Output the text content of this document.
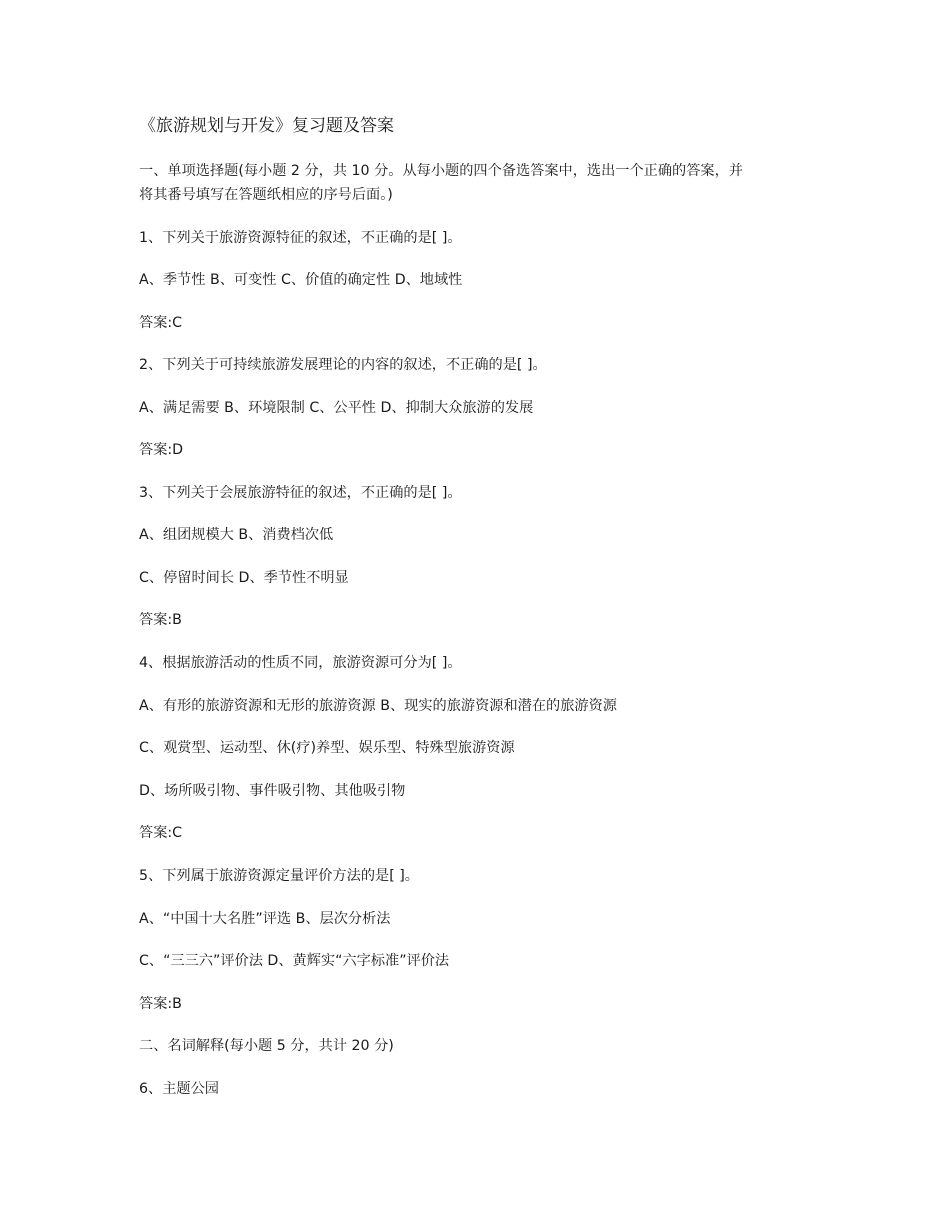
《旅游规划与开发》复习题及答案
一、单项选择题(每小题 2 分，共 10 分。从每小题的四个备选答案中，选出一个正确的答案，并
将其番号填写在答题纸相应的序号后面。)
1、下列关于旅游资源特征的叙述，不正确的是[ ]。
A、季节性 B、可变性 C、价值的确定性 D、地域性
答案:C
2、下列关于可持续旅游发展理论的内容的叙述，不正确的是[ ]。
A、满足需要 B、环境限制 C、公平性 D、抑制大众旅游的发展
答案:D
3、下列关于会展旅游特征的叙述，不正确的是[ ]。
A、组团规模大 B、消费档次低
C、停留时间长 D、季节性不明显
答案:B
4、根据旅游活动的性质不同，旅游资源可分为[ ]。
A、有形的旅游资源和无形的旅游资源 B、现实的旅游资源和潜在的旅游资源
C、观赏型、运动型、休(疗)养型、娱乐型、特殊型旅游资源
D、场所吸引物、事件吸引物、其他吸引物
答案:C
5、下列属于旅游资源定量评价方法的是[ ]。
A、“中国十大名胜”评选 B、层次分析法
C、“三三六”评价法 D、黄辉实“六字标准”评价法
答案:B
二、名词解释(每小题 5 分，共计 20 分)
6、主题公园
